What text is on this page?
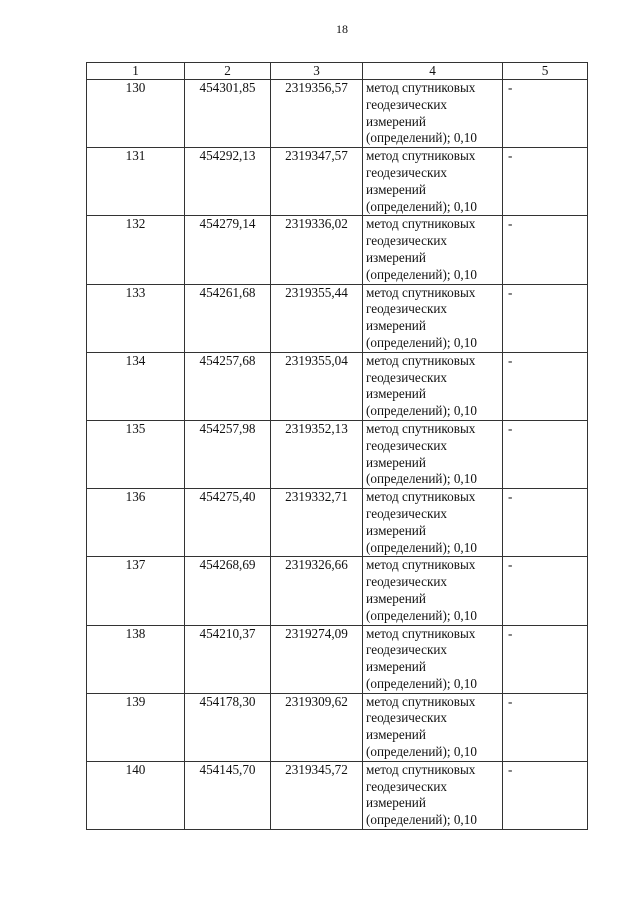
18
1	2	3	4	5
130	454301,85	2319356,57	метод спутниковых
геодезических
измерений
(определений); 0,10	-
131	454292,13	2319347,57	метод спутниковых
геодезических
измерений
(определений); 0,10	-
132	454279,14	2319336,02	метод спутниковых
геодезических
измерений
(определений); 0,10	-
133	454261,68	2319355,44	метод спутниковых
геодезических
измерений
(определений); 0,10	-
134	454257,68	2319355,04	метод спутниковых
геодезических
измерений
(определений); 0,10	-
135	454257,98	2319352,13	метод спутниковых
геодезических
измерений
(определений); 0,10	-
136	454275,40	2319332,71	метод спутниковых
геодезических
измерений
(определений); 0,10	-
137	454268,69	2319326,66	метод спутниковых
геодезических
измерений
(определений); 0,10	-
138	454210,37	2319274,09	метод спутниковых
геодезических
измерений
(определений); 0,10	-
139	454178,30	2319309,62	метод спутниковых
геодезических
измерений
(определений); 0,10	-
140	454145,70	2319345,72	метод спутниковых
геодезических
измерений
(определений); 0,10	-
